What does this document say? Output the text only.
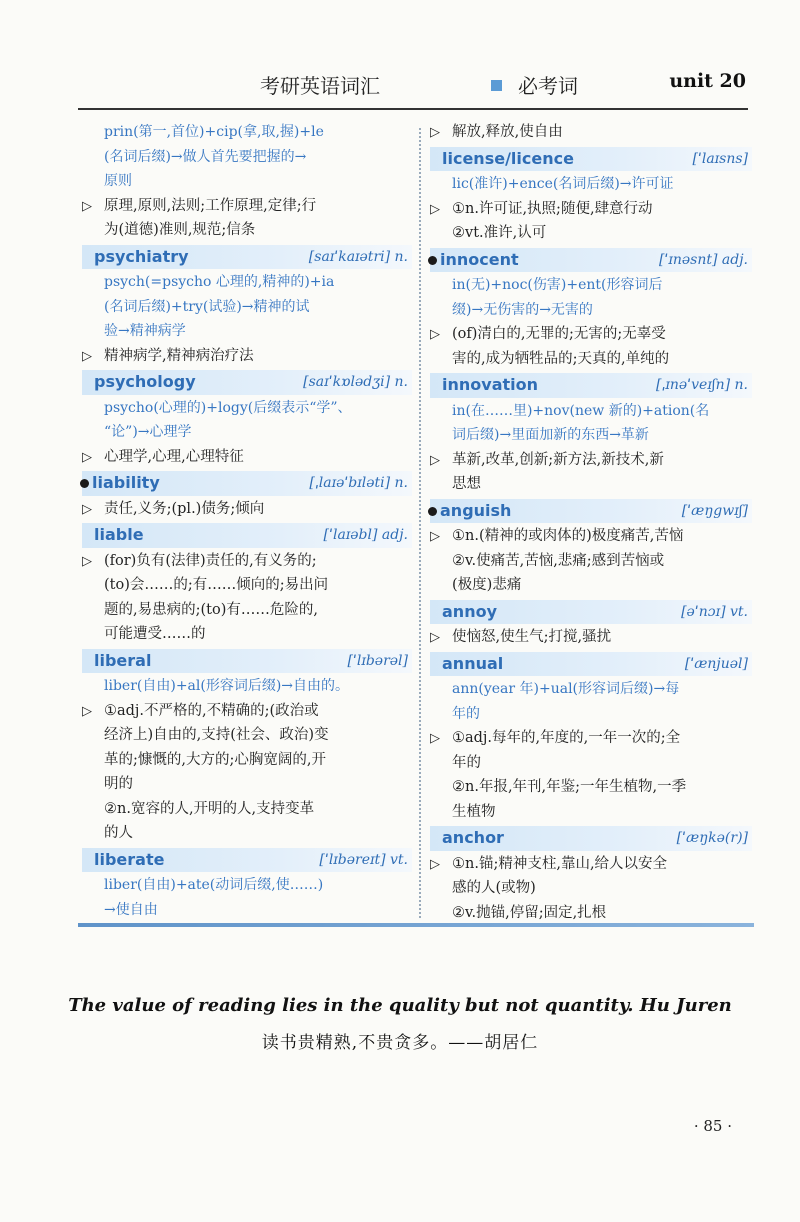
考研英语词汇	必考词	unit 20
prin(第一,首位)+cip(拿,取,握)+le
(名词后缀)→做人首先要把握的→
原则
▷ 原理,原则,法则;工作原理,定律;行
为(道德)准则,规范;信条
psychiatry	[saɪˈkaɪətri] n.
psych(=psycho 心理的,精神的)+ia
(名词后缀)+try(试验)→精神的试
验→精神病学
▷ 精神病学,精神病治疗法
psychology	[saɪˈkɒlədʒi] n.
psycho(心理的)+logy(后缀表示“学”、
“论”)→心理学
▷ 心理学,心理,心理特征
liability	[ˌlaɪəˈbɪləti] n.
▷ 责任,义务;(pl.)债务;倾向
liable	[ˈlaɪəbl] adj.
▷ (for)负有(法律)责任的,有义务的;
(to)会……的;有……倾向的;易出问
题的,易患病的;(to)有……危险的,
可能遭受……的
liberal	[ˈlɪbərəl]
liber(自由)+al(形容词后缀)→自由的。
▷ ①adj.不严格的,不精确的;(政治或
经济上)自由的,支持(社会、政治)变
革的;慷慨的,大方的;心胸宽阔的,开
明的
②n.宽容的人,开明的人,支持变革
的人
liberate	[ˈlɪbəreɪt] vt.
liber(自由)+ate(动词后缀,使……)
→使自由
▷ 解放,释放,使自由
license/licence	[ˈlaɪsns]
lic(准许)+ence(名词后缀)→许可证
▷ ①n.许可证,执照;随便,肆意行动
②vt.准许,认可
innocent	[ˈɪnəsnt] adj.
in(无)+noc(伤害)+ent(形容词后
缀)→无伤害的→无害的
▷ (of)清白的,无罪的;无害的;无辜受
害的,成为牺牲品的;天真的,单纯的
innovation	[ˌɪnəˈveɪʃn] n.
in(在……里)+nov(new 新的)+ation(名
词后缀)→里面加新的东西→革新
▷ 革新,改革,创新;新方法,新技术,新
思想
anguish	[ˈæŋgwɪʃ]
▷ ①n.(精神的或肉体的)极度痛苦,苦恼
②v.使痛苦,苦恼,悲痛;感到苦恼或
(极度)悲痛
annoy	[əˈnɔɪ] vt.
▷ 使恼怒,使生气;打搅,骚扰
annual	[ˈænjuəl]
ann(year 年)+ual(形容词后缀)→每
年的
▷ ①adj.每年的,年度的,一年一次的;全
年的
②n.年报,年刊,年鉴;一年生植物,一季
生植物
anchor	[ˈæŋkə(r)]
▷ ①n.锚;精神支柱,靠山,给人以安全
感的人(或物)
②v.抛锚,停留;固定,扎根
The value of reading lies in the quality but not quantity. Hu Juren
读书贵精熟,不贵贪多。——胡居仁
· 85 ·
